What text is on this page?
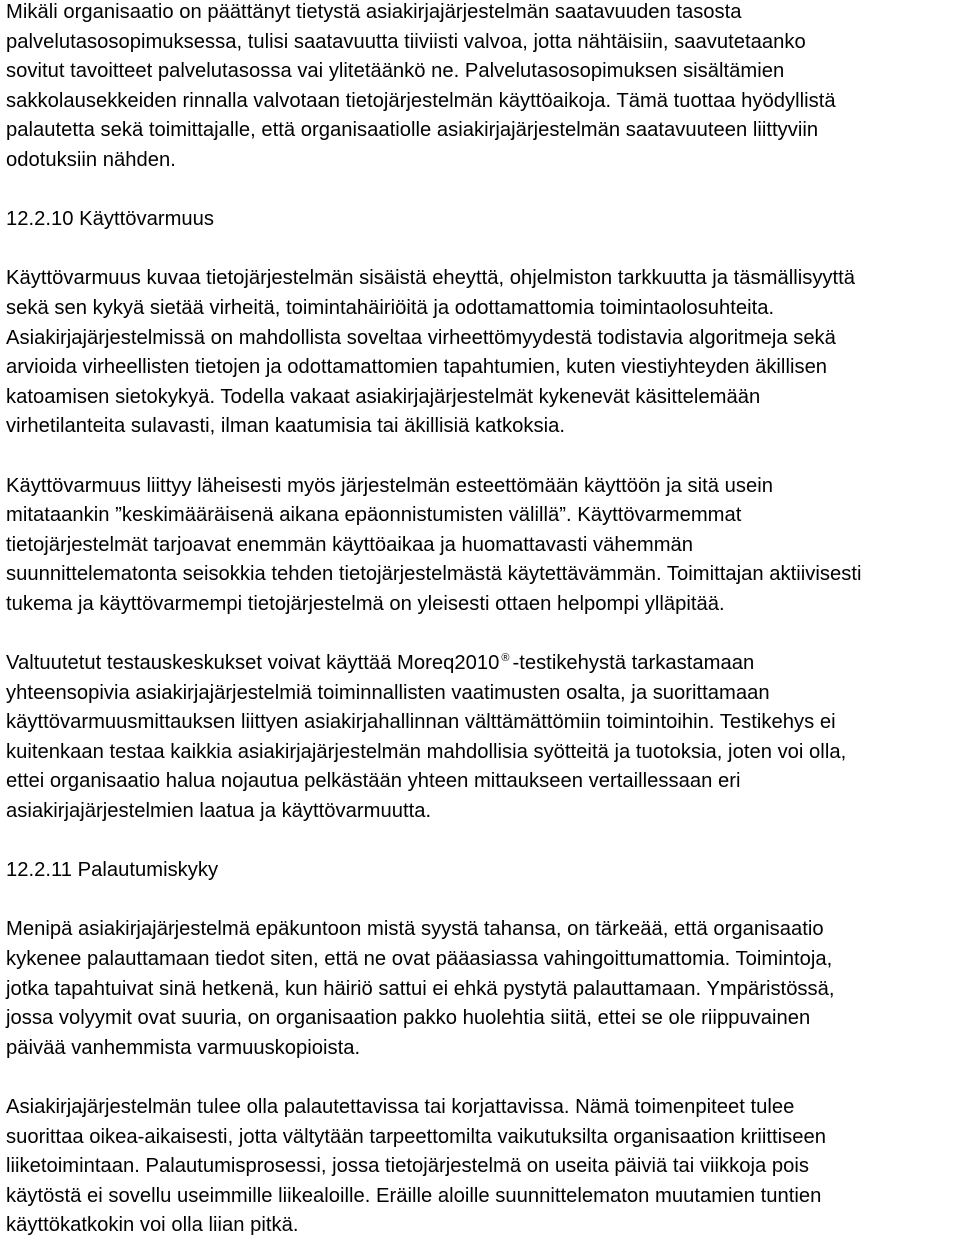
Mikäli organisaatio on päättänyt tietystä asiakirjajärjestelmän saatavuuden tasosta
palvelutasosopimuksessa, tulisi saatavuutta tiiviisti valvoa, jotta nähtäisiin, saavutetaanko
sovitut tavoitteet palvelutasossa vai ylitetäänkö ne. Palvelutasosopimuksen sisältämien
sakkolausekkeiden rinnalla valvotaan tietojärjestelmän käyttöaikoja. Tämä tuottaa hyödyllistä
palautetta sekä toimittajalle, että organisaatiolle asiakirjajärjestelmän saatavuuteen liittyviin
odotuksiin nähden.

12.2.10 Käyttövarmuus

Käyttövarmuus kuvaa tietojärjestelmän sisäistä eheyttä, ohjelmiston tarkkuutta ja täsmällisyyttä
sekä sen kykyä sietää virheitä, toimintahäiriöitä ja odottamattomia toimintaolosuhteita.
Asiakirjajärjestelmissä on mahdollista soveltaa virheettömyydestä todistavia algoritmeja sekä
arvioida virheellisten tietojen ja odottamattomien tapahtumien, kuten viestiyhteyden äkillisen
katoamisen sietokykyä. Todella vakaat asiakirjajärjestelmät kykenevät käsittelemään
virhetilanteita sulavasti, ilman kaatumisia tai äkillisiä katkoksia.

Käyttövarmuus liittyy läheisesti myös järjestelmän esteettömään käyttöön ja sitä usein
mitataankin ”keskimääräisenä aikana epäonnistumisten välillä”. Käyttövarmemmat
tietojärjestelmät tarjoavat enemmän käyttöaikaa ja huomattavasti vähemmän
suunnittelematonta seisokkia tehden tietojärjestelmästä käytettävämmän. Toimittajan aktiivisesti
tukema ja käyttövarmempi tietojärjestelmä on yleisesti ottaen helpompi ylläpitää.

Valtuutetut testauskeskukset voivat käyttää Moreq2010 ® -testikehystä tarkastamaan
yhteensopivia asiakirjajärjestelmiä toiminnallisten vaatimusten osalta, ja suorittamaan
käyttövarmuusmittauksen liittyen asiakirjahallinnan välttämättömiin toimintoihin. Testikehys ei
kuitenkaan testaa kaikkia asiakirjajärjestelmän mahdollisia syötteitä ja tuotoksia, joten voi olla,
ettei organisaatio halua nojautua pelkästään yhteen mittaukseen vertaillessaan eri
asiakirjajärjestelmien laatua ja käyttövarmuutta.

12.2.11 Palautumiskyky

Menipä asiakirjajärjestelmä epäkuntoon mistä syystä tahansa, on tärkeää, että organisaatio
kykenee palauttamaan tiedot siten, että ne ovat pääasiassa vahingoittumattomia. Toimintoja,
jotka tapahtuivat sinä hetkenä, kun häiriö sattui ei ehkä pystytä palauttamaan. Ympäristössä,
jossa volyymit ovat suuria, on organisaation pakko huolehtia siitä, ettei se ole riippuvainen
päivää vanhemmista varmuuskopioista.

Asiakirjajärjestelmän tulee olla palautettavissa tai korjattavissa. Nämä toimenpiteet tulee
suorittaa oikea-aikaisesti, jotta vältytään tarpeettomilta vaikutuksilta organisaation kriittiseen
liiketoimintaan. Palautumisprosessi, jossa tietojärjestelmä on useita päiviä tai viikkoja pois
käytöstä ei sovellu useimmille liikealoille. Eräille aloille suunnittelematon muutamien tuntien
käyttökatkokin voi olla liian pitkä.
